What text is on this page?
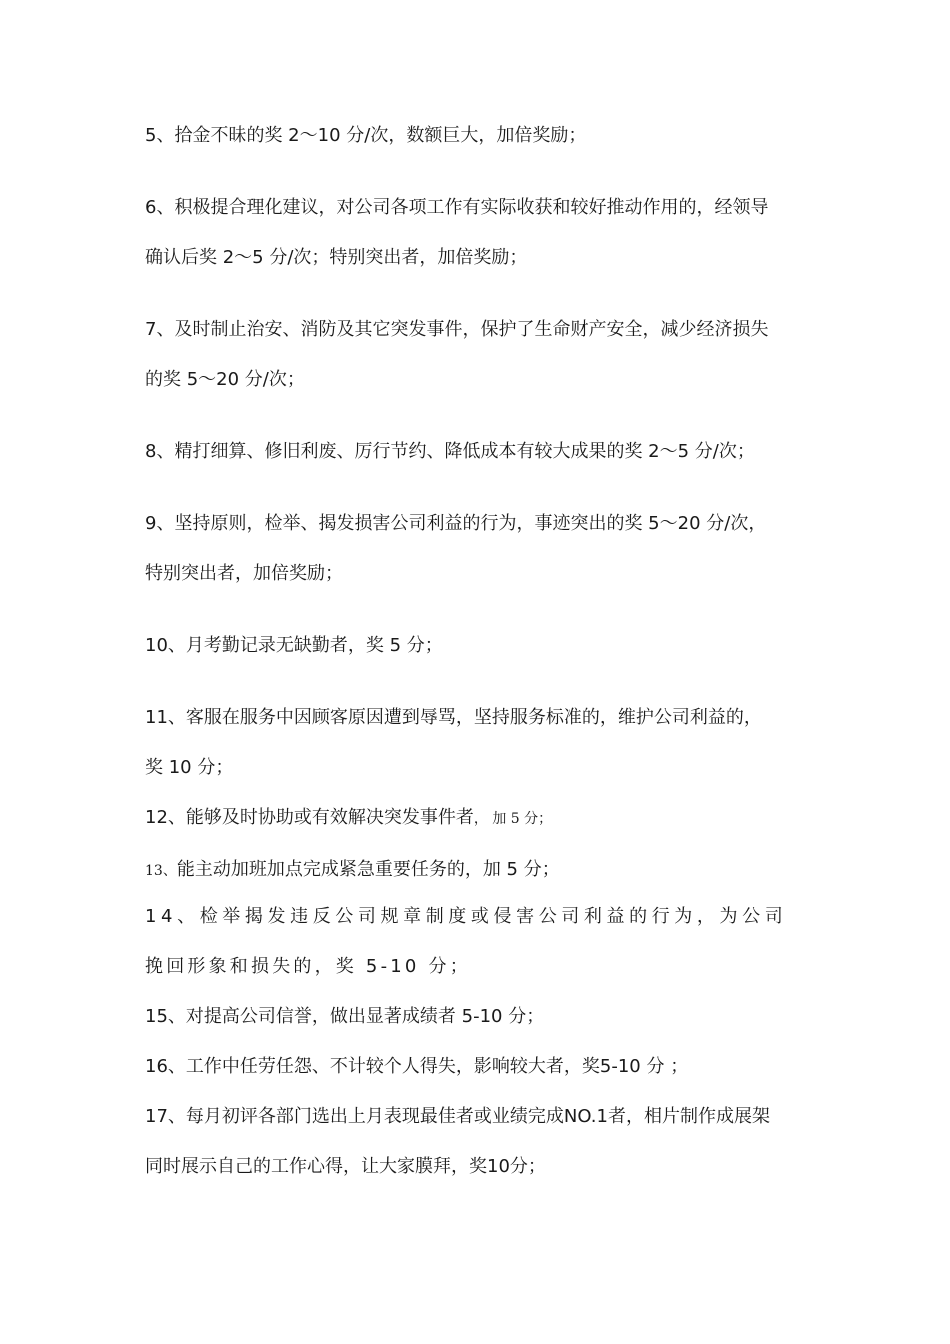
5、拾金不昧的奖 2～10 分/次，数额巨大，加倍奖励；
6、积极提合理化建议，对公司各项工作有实际收获和较好推动作用的，经领导
确认后奖 2～5 分/次；特别突出者，加倍奖励；
7、及时制止治安、消防及其它突发事件，保护了生命财产安全，减少经济损失
的奖 5～20 分/次；
8、精打细算、修旧利废、厉行节约、降低成本有较大成果的奖 2～5 分/次；
9、坚持原则，检举、揭发损害公司利益的行为，事迹突出的奖 5～20 分/次，
特别突出者，加倍奖励；
10、月考勤记录无缺勤者，奖 5 分；
11、客服在服务中因顾客原因遭到辱骂，坚持服务标准的，维护公司利益的，
奖 10 分；
12、能够及时协助或有效解决突发事件者， 加 5 分；
13、能主动加班加点完成紧急重要任务的，加 5 分；
14、检举揭发违反公司规章制度或侵害公司利益的行为，为公司
挽回形象和损失的，奖 5-10 分；
15、对提高公司信誉，做出显著成绩者 5-10 分；
16、工作中任劳任怨、不计较个人得失，影响较大者，奖5-10 分 ；
17、每月初评各部门选出上月表现最佳者或业绩完成NO.1者，相片制作成展架
同时展示自己的工作心得，让大家膜拜，奖10分；
